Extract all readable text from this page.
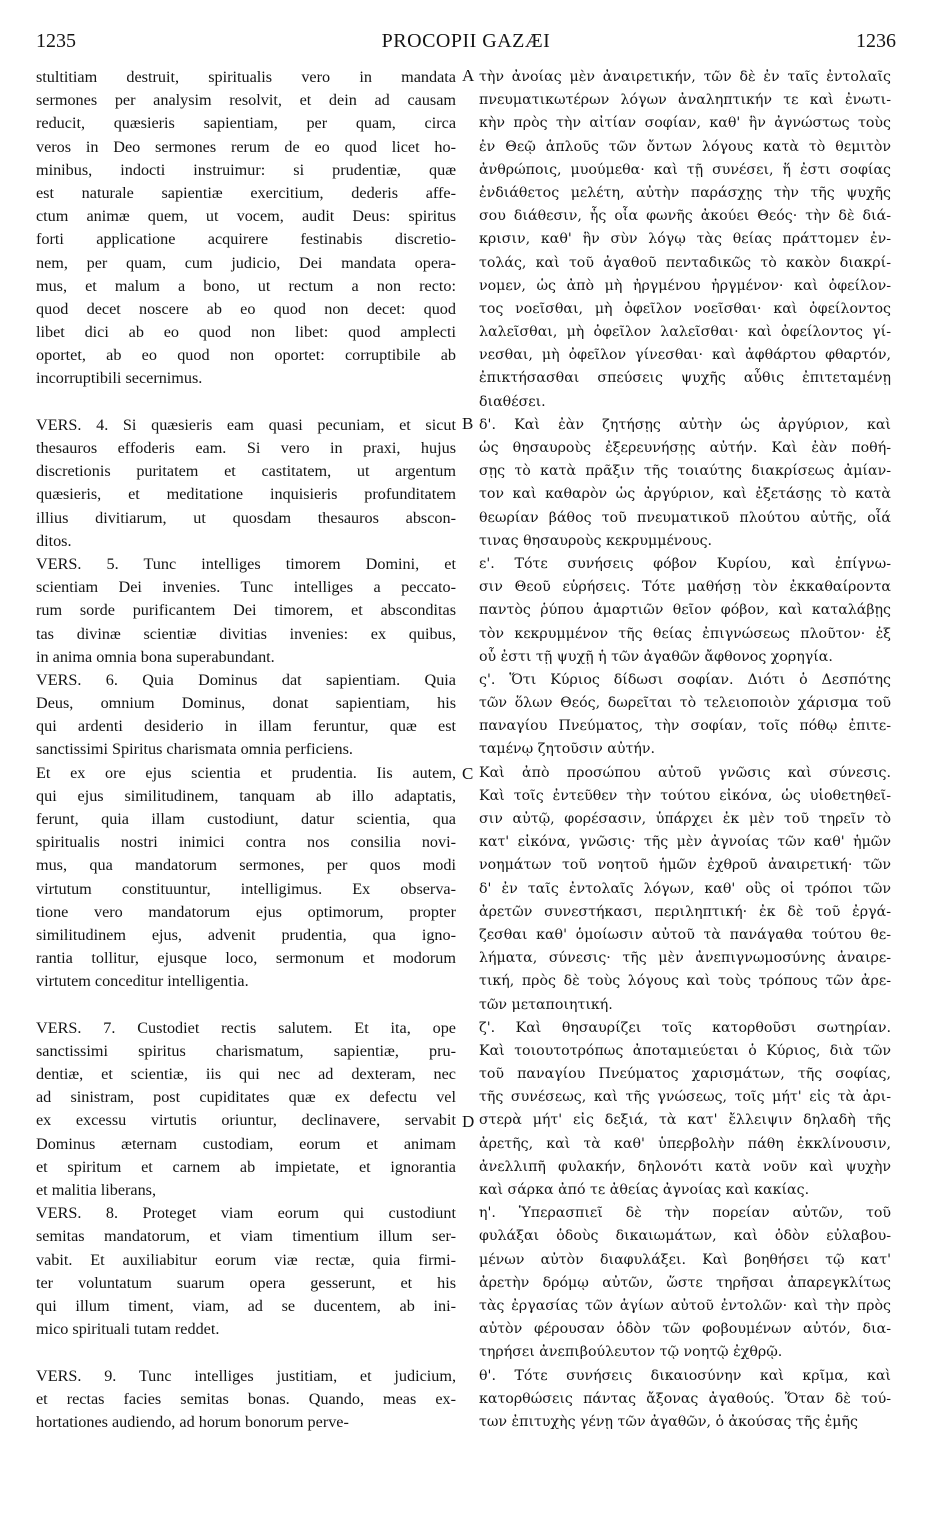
1235	PROCOPII GAZÆI	1236
A
B
C
D
stultitiam destruit, spiritualis vero in mandata
sermones per analysim resolvit, et dein ad causam
reducit, quæsieris sapientiam, per quam, circa
veros in Deo sermones rerum de eo quod licet ho-
minibus, indocti instruimur: si prudentiæ, quæ
est naturale sapientiæ exercitium, dederis affe-
ctum animæ quem, ut vocem, audit Deus: spiritus
forti applicatione acquirere festinabis discretio-
nem, per quam, cum judicio, Dei mandata opera-
mus, et malum a bono, ut rectum a non recto:
quod decet noscere ab eo quod non decet: quod
libet dici ab eo quod non libet: quod amplecti
oportet, ab eo quod non oportet: corruptibile ab
incorruptibili secernimus.
VERS. 4. Si quæsieris eam quasi pecuniam, et sicut
thesauros effoderis eam. Si vero in praxi, hujus
discretionis puritatem et castitatem, ut argentum
quæsieris, et meditatione inquisieris profunditatem
illius divitiarum, ut quosdam thesauros abscon-
ditos.
VERS. 5. Tunc intelliges timorem Domini, et
scientiam Dei invenies. Tunc intelliges a peccato-
rum sorde purificantem Dei timorem, et absconditas
tas divinæ scientiæ divitias invenies: ex quibus,
in anima omnia bona superabundant.
VERS. 6. Quia Dominus dat sapientiam. Quia
Deus, omnium Dominus, donat sapientiam, his
qui ardenti desiderio in illam feruntur, quæ est
sanctissimi Spiritus charismata omnia perficiens.
Et ex ore ejus scientia et prudentia. Iis autem,
qui ejus similitudinem, tanquam ab illo adaptatis,
ferunt, quia illam custodiunt, datur scientia, qua
spiritualis nostri inimici contra nos consilia novi-
mus, qua mandatorum sermones, per quos modi
virtutum constituuntur, intelligimus. Ex observa-
tione vero mandatorum ejus optimorum, propter
similitudinem ejus, advenit prudentia, qua igno-
rantia tollitur, ejusque loco, sermonum et modorum
virtutem conceditur intelligentia.
VERS. 7. Custodiet rectis salutem. Et ita, ope
sanctissimi spiritus charismatum, sapientiæ, pru-
dentiæ, et scientiæ, iis qui nec ad dexteram, nec
ad sinistram, post cupiditates quæ ex defectu vel
ex excessu virtutis oriuntur, declinavere, servabit
Dominus æternam custodiam, eorum et animam
et spiritum et carnem ab impietate, et ignorantia
et malitia liberans,
VERS. 8. Proteget viam eorum qui custodiunt
semitas mandatorum, et viam timentium illum ser-
vabit. Et auxiliabitur eorum viæ rectæ, quia firmi-
ter voluntatum suarum opera gesserunt, et his
qui illum timent, viam, ad se ducentem, ab ini-
mico spirituali tutam reddet.
VERS. 9. Tunc intelliges justitiam, et judicium,
et rectas facies semitas bonas. Quando, meas ex-
hortationes audiendo, ad horum bonorum perve-
τὴν ἀνοίας μὲν ἀναιρετικήν, τῶν δὲ ἐν ταῖς ἐντολαῖς
πνευματικωτέρων λόγων ἀναληπτικήν τε καὶ ἐνωτι-
κὴν πρὸς τὴν αἰτίαν σοφίαν, καθ' ἣν ἀγνώστως τοὺς
ἐν Θεῷ ἁπλοῦς τῶν ὄντων λόγους κατὰ τὸ θεμιτὸν
ἀνθρώποις, μυούμεθα· καὶ τῇ συνέσει, ἥ ἐστι σοφίας
ἐνδιάθετος μελέτη, αὐτὴν παράσχῃς τὴν τῆς ψυχῆς
σου διάθεσιν, ἧς οἷα φωνῆς ἀκούει Θεός· τὴν δὲ διά-
κρισιν, καθ' ἣν σὺν λόγῳ τὰς θείας πράττομεν ἐν-
τολάς, καὶ τοῦ ἀγαθοῦ πενταδικῶς τὸ κακὸν διακρί-
νομεν, ὡς ἀπὸ μὴ ἠργμένου ἠργμένον· καὶ ὀφείλον-
τος νοεῖσθαι, μὴ ὀφεῖλον νοεῖσθαι· καὶ ὀφείλοντος
λαλεῖσθαι, μὴ ὀφεῖλον λαλεῖσθαι· καὶ ὀφείλοντος γί-
νεσθαι, μὴ ὀφεῖλον γίνεσθαι· καὶ ἀφθάρτου φθαρτόν,
ἐπικτήσασθαι σπεύσεις ψυχῆς αὖθις ἐπιτεταμένῃ
διαθέσει.
δ'. Καὶ ἐὰν ζητήσῃς αὐτὴν ὡς ἀργύριον, καὶ
ὡς θησαυροὺς ἐξερευνήσῃς αὐτήν. Καὶ ἐὰν ποθή-
σῃς τὸ κατὰ πρᾶξιν τῆς τοιαύτης διακρίσεως ἀμίαν-
τον καὶ καθαρὸν ὡς ἀργύριον, καὶ ἐξετάσῃς τὸ κατὰ
θεωρίαν βάθος τοῦ πνευματικοῦ πλούτου αὐτῆς, οἷά
τινας θησαυροὺς κεκρυμμένους.
ε'. Τότε συνήσεις φόβον Κυρίου, καὶ ἐπίγνω-
σιν Θεοῦ εὑρήσεις. Τότε μαθήσῃ τὸν ἐκκαθαίροντα
παντὸς ῥύπου ἁμαρτιῶν θεῖον φόβον, καὶ καταλάβῃς
τὸν κεκρυμμένον τῆς θείας ἐπιγνώσεως πλοῦτον· ἐξ
οὗ ἐστι τῇ ψυχῇ ἡ τῶν ἀγαθῶν ἄφθονος χορηγία.
ς'. Ὅτι Κύριος δίδωσι σοφίαν. Διότι ὁ Δεσπότης
τῶν ὅλων Θεός, δωρεῖται τὸ τελειοποιὸν χάρισμα τοῦ
παναγίου Πνεύματος, τὴν σοφίαν, τοῖς πόθῳ ἐπιτε-
ταμένῳ ζητοῦσιν αὐτήν.
Καὶ ἀπὸ προσώπου αὐτοῦ γνῶσις καὶ σύνεσις.
Καὶ τοῖς ἐντεῦθεν τὴν τούτου εἰκόνα, ὡς υἱοθετηθεῖ-
σιν αὐτῷ, φορέσασιν, ὑπάρχει ἐκ μὲν τοῦ τηρεῖν τὸ
κατ' εἰκόνα, γνῶσις· τῆς μὲν ἀγνοίας τῶν καθ' ἡμῶν
νοημάτων τοῦ νοητοῦ ἡμῶν ἐχθροῦ ἀναιρετική· τῶν
δ' ἐν ταῖς ἐντολαῖς λόγων, καθ' οὓς οἱ τρόποι τῶν
ἀρετῶν συνεστήκασι, περιληπτική· ἐκ δὲ τοῦ ἐργά-
ζεσθαι καθ' ὁμοίωσιν αὐτοῦ τὰ πανάγαθα τούτου θε-
λήματα, σύνεσις· τῆς μὲν ἀνεπιγνωμοσύνης ἀναιρε-
τική, πρὸς δὲ τοὺς λόγους καὶ τοὺς τρόπους τῶν ἀρε-
τῶν μεταποιητική.
ζ'. Καὶ θησαυρίζει τοῖς κατορθοῦσι σωτηρίαν.
Καὶ τοιουτοτρόπως ἀποταμιεύεται ὁ Κύριος, διὰ τῶν
τοῦ παναγίου Πνεύματος χαρισμάτων, τῆς σοφίας,
τῆς συνέσεως, καὶ τῆς γνώσεως, τοῖς μήτ' εἰς τὰ ἀρι-
στερὰ μήτ' εἰς δεξιά, τὰ κατ' ἔλλειψιν δηλαδὴ τῆς
ἀρετῆς, καὶ τὰ καθ' ὑπερβολὴν πάθη ἐκκλίνουσιν,
ἀνελλιπῆ φυλακήν, δηλονότι κατὰ νοῦν καὶ ψυχὴν
καὶ σάρκα ἀπό τε ἀθείας ἀγνοίας καὶ κακίας.
η'. Ὑπερασπιεῖ δὲ τὴν πορείαν αὐτῶν, τοῦ
φυλάξαι ὁδοὺς δικαιωμάτων, καὶ ὁδὸν εὐλαβου-
μένων αὐτὸν διαφυλάξει. Καὶ βοηθήσει τῷ κατ'
ἀρετὴν δρόμῳ αὐτῶν, ὥστε τηρῆσαι ἀπαρεγκλίτως
τὰς ἐργασίας τῶν ἁγίων αὐτοῦ ἐντολῶν· καὶ τὴν πρὸς
αὐτὸν φέρουσαν ὁδὸν τῶν φοβουμένων αὐτόν, δια-
τηρήσει ἀνεπιβούλευτον τῷ νοητῷ ἐχθρῷ.
θ'. Τότε συνήσεις δικαιοσύνην καὶ κρῖμα, καὶ
κατορθώσεις πάντας ἄξονας ἀγαθούς. Ὅταν δὲ τού-
των ἐπιτυχὴς γένῃ τῶν ἀγαθῶν, ὁ ἀκούσας τῆς ἐμῆς
